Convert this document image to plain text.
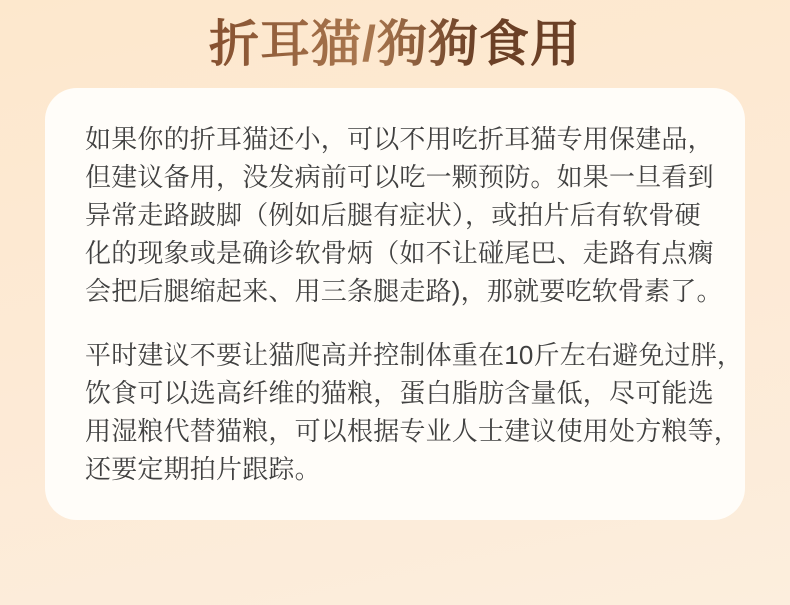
折耳猫/狗狗食用
如果你的折耳猫还小，可以不用吃折耳猫专用保建品，
但建议备用，没发病前可以吃一颗预防。如果一旦看到
异常走路跛脚（例如后腿有症状），或拍片后有软骨硬
化的现象或是确诊软骨炳（如不让碰尾巴、走路有点瘸
会把后腿缩起来、用三条腿走路)，那就要吃软骨素了。
平时建议不要让猫爬高并控制体重在10斤左右避免过胖，
饮食可以选高纤维的猫粮，蛋白脂肪含量低，尽可能选
用湿粮代替猫粮，可以根据专业人士建议使用处方粮等，
还要定期拍片跟踪。
